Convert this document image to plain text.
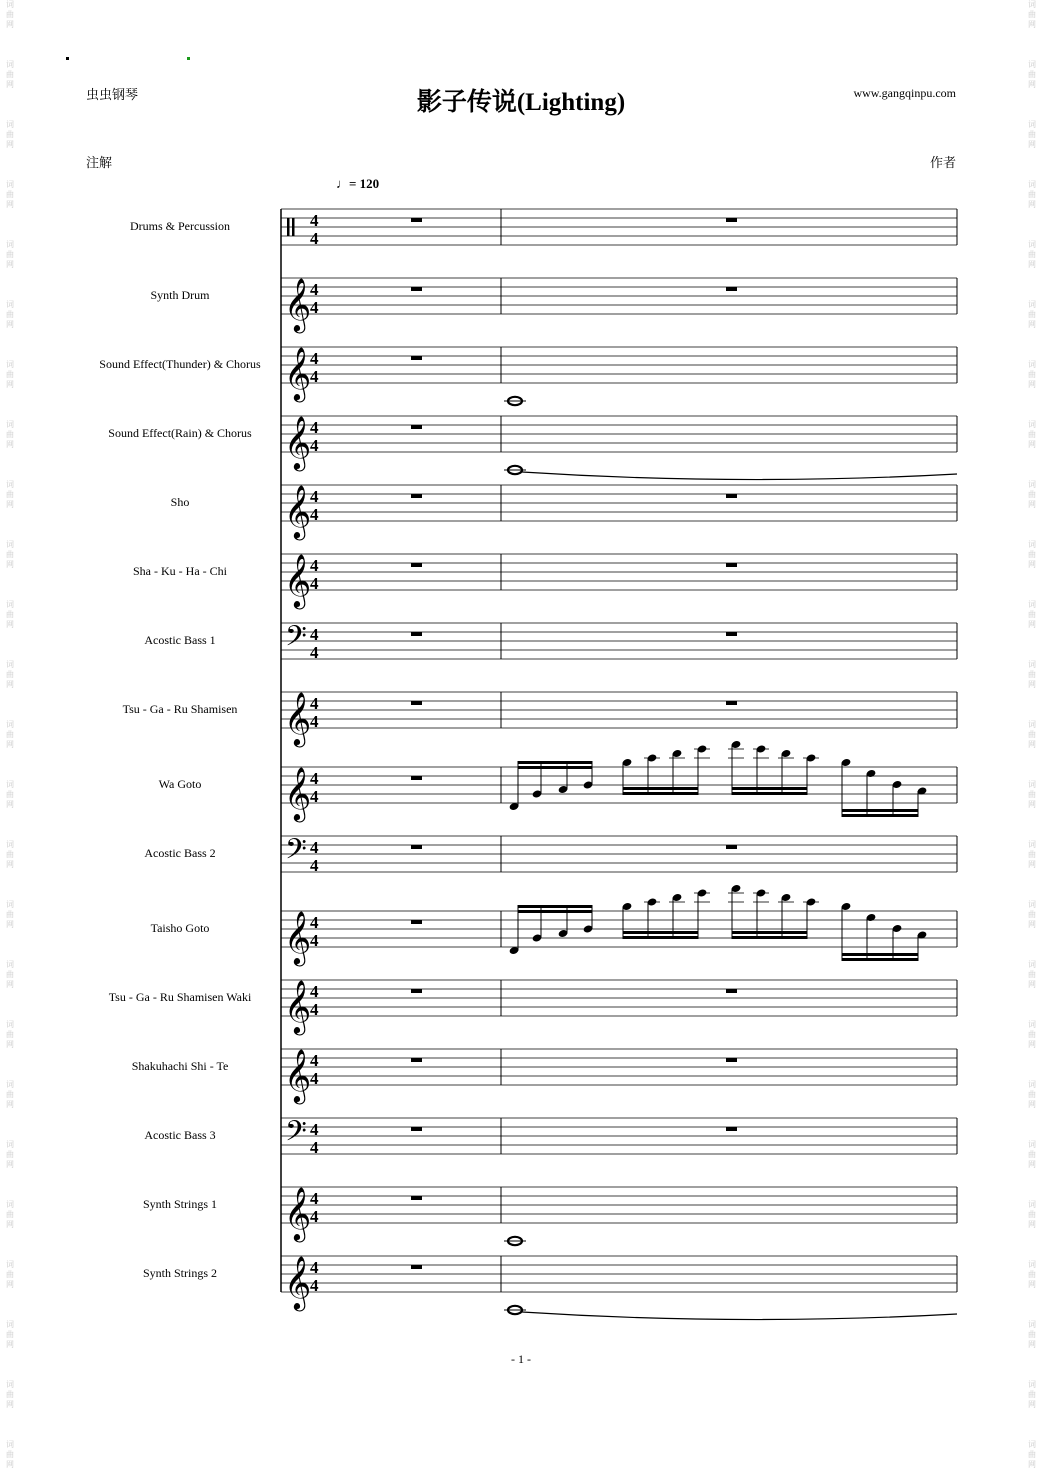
词
曲
网
词
曲
网
词
曲
网
词
曲
网
词
曲
网
词
曲
网
词
曲
网
词
曲
网
词
曲
网
词
曲
网
词
曲
网
词
曲
网
词
曲
网
词
曲
网
词
曲
网
词
曲
网
词
曲
网
词
曲
网
词
曲
网
词
曲
网
词
曲
网
词
曲
网
词
曲
网
词
曲
网
词
曲
网
词
曲
网
词
曲
网
词
曲
网
词
曲
网
词
曲
网
词
曲
网
词
曲
网
词
曲
网
词
曲
网
词
曲
网
词
曲
网
词
曲
网
词
曲
网
词
曲
网
词
曲
网
词
曲
网
词
曲
网
词
曲
网
词
曲
网
词
曲
网
词
曲
网
词
曲
网
词
曲
网
词
曲
网
词
曲
网
虫虫钢琴	影子传说(Lighting)	www.gangqinpu.com
注解	作者
♩= 120
Drums & Percussion
Synth Drum
Sound Effect(Thunder) & Chorus
Sound Effect(Rain) & Chorus
Sho
Sha - Ku - Ha - Chi
Acostic Bass 1
Tsu - Ga - Ru Shamisen
Wa Goto
Acostic Bass 2
Taisho Goto
Tsu - Ga - Ru Shamisen Waki
Shakuhachi Shi - Te
Acostic Bass 3
Synth Strings 1
Synth Strings 2
4
4
𝄞
4
4
𝄞
4
4
𝄞
4
4
𝄞
4
4
𝄞
4
4
𝄢 4
4
𝄞
4
4
𝄞
4
4
𝄢 4
4
𝄞
4
4
𝄞
4
4
𝄞
4
4
𝄢 4
4
𝄞
4
4
𝄞
4
4
- 1 -
